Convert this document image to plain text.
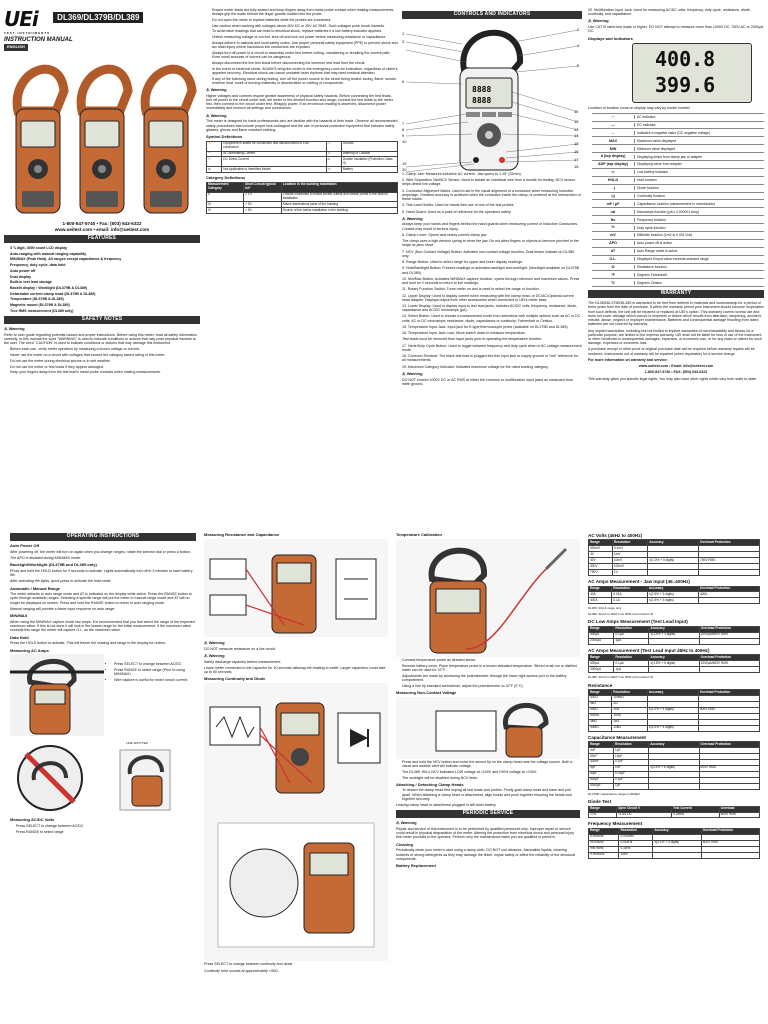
UEi
TEST INSTRUMENTS
DL369/DL379B/DL389
INSTRUCTION MANUAL
ENGLISH
1-800-547-5740 • Fax: (503) 643-6322
www.ueitest.com • email: info@ueitest.com
FEATURES
• 3 ¾ digit, 4000 count LCD display
• Auto-ranging with manual ranging capability
• MIN/MAX (Peak Hold). All ranges except capacitance & frequency
• Frequency, duty cycle, data hold
• Auto power off
• Dual display
• Built-in test lead storage
• Backlit display • Worklight (DL379B & DL389)
• Detachable current clamp head (DL379B & DL389)
• Temperature (DL379B & DL389)
• Magnetic mount (DL379B & DL389)
• True RMS measurement (DL389 only)
SAFETY NOTES
⚠ Warning

Refer to user guide regarding potential hazard and proper instructions. Before using this meter, read all safety information carefully. In this manual the word "WARNING" is used to indicate conditions or actions that may pose physical hazards to the user. The word "CAUTION" is used to indicate conditions or actions that may damage this instrument.

• Before each use, verify meter operation by measuring a known voltage or current.
• Never use the meter on a circuit with voltages that exceed the category based rating of this meter.
• Do not use the meter during electrical storms or in wet weather.
• Do not use the meter or test leads if they appear damaged.
• Keep your fingers away from the test lead's metal probe contacts when making measurements.
• Ensure meter leads are fully seated and keep fingers away from metal probe contact when making measurements. Always grip the leads behind the finger guards molded into the probe.
• Do not open the meter to replace batteries while the probes are connected.
• Use caution when working with voltages above 60V DC or 25V AC RMS. Such voltages pose shock hazards.
• To avoid false readings that can lead to electrical shock, replace batteries if a low battery indicator appears.
• Unless measuring voltage or current, shut off and lock out power before measuring resistance or capacitance.
• Always adhere to national and local safety codes. Use proper personal safety equipment (PPE) to prevent shock and arc blast injury where hazardous live conductors are exposed.
• Always turn off power to a circuit or assembly under test before cutting, unsoldering or breaking the current path. Even small amounts of current can be dangerous.
• Always disconnect the live test leads before disconnecting the common test lead from the circuit.
• In the event of electrical shock, ALWAYS bring the victim to the emergency room for evaluation, regardless of victim's apparent recovery. Electrical shock can cause unstable heart rhythms that may need medical attention.
• If any of the following occur during testing, turn off the power source to the circuit being tested: arcing, flame, smoke, extreme heat, smell of burning materials or discoloration or melting of components.
⚠ Warning

Higher voltages and currents require greater awareness of physical safety hazards. Before connecting the test leads, turn off power to the circuit under test; set meter to the desired function and range; connect the test leads to the meter first, then connect to the circuit under test. Reapply power. If an erroneous reading is observed, disconnect power immediately and recheck all settings and connections.

⚠ Warning

This meter is designed for trade professionals who are familiar with the hazards of their trade. Observe all recommended safety procedures that include proper lock-out/tagout and the use of personal protective equipment that includes safety glasses, gloves and flame resistant clothing.

Symbol Definitions
⚡	Equipment is suited for connection and disconnection to Live conductors	⏚	Ground
~	AC Alternating Current	⚠	Warning or Caution
⎓	DC Direct Current	⧈	Double Insulation (Protection Class II)
⊘	Not Applicable to Identified Model	▭	Battery
Category Definitions
Measurement Category	Short-Circuit typical kA*	Location in the building installation
II	< 10	Circuits connected to mains socket outlets and similar points in the MAINS installation
III	< 50	Mains distributions parts of the building
IV	> 50	Source of the mains installation in the building
CONTROLS AND INDICATORS
8888
8888
1
2
3
4
5
6
7
8
9
10
11
12
13
14
15
16
17
18
19
20

1. Clamp Jaw: Measures Inductive AC current. Jaw opens to 1.25" (32mm).

2. Wire Separation Tab/NCV Sensor: Used to isolate an individual wire from a bundle for testing. NCV sensor helps detect live voltage.

3. Conductor Alignment Marks: Used to aid in the visual alignment of a conductor when measuring inductive amperage. Greatest accuracy is achieved when the conductor inside the clamp, is centered at the intersection of these marks.

4. Test Lead Holder: Used for hands-free use of one of the test probes.

5. Hand Guard: Used as a point of reference for the operators safety.

⚠ Warning

Always keep your hands and fingers behind the hand guards when measuring current or Inductive Conductors. Contact may result in serious injury.

6. Clamp Lever: Opens and closes current clamp jaw.

The clamp uses a high-tension spring to close the jaw. Do not allow fingers or objects to become pinched in the hinge as jaws close.

7. NCV (Non-Contact Voltage) Button: Activates non-contact voltage function. Dual beeps indicate on DL389 only.

8. Range Button: Used to select range for upper and lower display readings.

9. Hold/Backlight Button: Freezes readings or activates backlight and worklight. (Worklight available on DL379B and DL389)

10. Min/Max Button: Activates MIN/MAX capture function; cycles through minimum and maximum values. Press and hold for 2 seconds to return to live readings.

11. Rotary Function Switch: Turns meter on and is used to select the range or function.

12. Upper Display: Used to display current when measuring with the clamp head, or DC/AC/Optional current head adapter. Displays output from other accessories when connected to UEI's meter base.

13. Lower Display: Used to display input to test lead jacks. Includes AC/DC volts, frequency, resistance, diode, capacitance and AC/DC microamps (μA).

14. Select Button: Used to choose a measurement mode from selections with multiple options such as AC or DC volts; AC or DC microamps; resistance, diode, capacitance or continuity; Fahrenheit or Celsius.

15. Temperature Input Jack: Input jack for K-type thermocouple probe (available on DL379B and DL389).

16. Temperature Input Jack Lock: Move switch down to measure temperature.

Test leads must be removed from input jacks prior to operating the temperature function.

17. Hertz/Duty Cycle Button: Used to toggle between frequency and duty cycle when in AC voltage measurement mode.

18. Common Terminal: The black test lead is plugged into this input jack to supply ground or "low" reference for all measurements.

19. Maximum Category Indicator: Indicates maximum voltage for the rated working category.

⚠ Warning

DO NOT exceed 1000V DC or AC RMS at either the common or multifunction input jacks as measured from earth ground.

20. Multifunction Input Jack: Used for measuring AC/DC volts, frequency, duty cycle, resistance, diode, continuity, and capacitance.

⚠ Warning

Use CAT III rated test leads or higher. DO NOT attempt to measure more than 1000V DC, 750V AC or 2000μA DC.

Displays and Indicators
400.8
399.6

Location of function icons on display may vary by model number

~	AC indicator
---	DC indicator
–	Indicates a negative value (DC negative voltage)
MAX	Maximum value displayed
MIN	Minimum value displayed
A (top display)	Displaying Amps from clamp jaw or adapter
ADP (top display)	Displaying value from adapter
▭	Low battery indicator
HOLD	Hold function
→|	Diode function
•))	Continuity function
mF / μF	Capacitance function (measurement in microfarads)
nA	Microamps function (μA's 0.000001 Amp)
Hz	Frequency function
%	Duty cycle function
mV	Millivolts function (1mV is 0.001 Volt)
APO	Auto power off is active
AT	Auto Range mode is active
O.L.	Displayed if input value exceeds selected range
Ω	Resistance function
°F	Degrees Fahrenheit
°C	Degrees Celsius
WARRANTY

The DL369/DL379B/DL389 is warranted to be free from defects in materials and workmanship for a period of three years from the date of purchase. If within the warranty period your instrument should become inoperative from such defects, the unit will be repaired or replaced at UEI's option. This warranty covers normal use and does not cover damage which occurs in shipment or failure which results from alteration, tampering, accident, misuse, abuse, neglect or improper maintenance. Batteries and consequential damage resulting from failed batteries are not covered by warranty.

Any implied warranties, including but not limited to implied warranties of merchantability and fitness for a particular purpose, are limited to the express warranty. UEI shall not be liable for loss of use of the instrument or other incidental or consequential damages, expenses, or economic loss, or for any claim or claims for such damage, expenses or economic loss.

A purchase receipt or other proof of original purchase date will be required before warranty repairs will be rendered. Instruments out of warranty will be repaired (when repairable) for a service charge.

For more information on warranty and service:

www.ueitest.com • Email: info@ueitest.com

1-800-547-5740 • FAX: (503) 643-6322

This warranty gives you specific legal rights. You may also have other rights which vary from state to state.

OPERATING INSTRUCTIONS
Auto Power Off

After powering off, the meter will turn on again when you change ranges, rotate the selector dial or press a button.

The APO is disabled during MIN/MAX mode.

Backlight/Worklight (DL379B and DL389 only)

Press and hold the HOLD button for 2 seconds to activate. Lights automatically turn off in 3 minutes to save battery life.

After activating the lights, quick press to activate the hold mode.

Automatic / Manual Range

The meter defaults to auto range mode and AT is indicated on the display while active. Press the RANGE button to cycle through available ranges. Selecting a specific range will put the meter in manual range mode and AT will no longer be displayed on screen. Press and hold the RANGE button to return to auto ranging mode.

Manual ranging will provide a faster input response on auto range.

MIN/MAX

When using the MIN/MAX capture mode two amps, it is recommended that you first select the range of the expected maximum value. If this is not done it will lock in the lowest range for the initial measurement. If the maximum value exceeds this range the meter will capture O.L. as the maximum value.

Data Hold

Press the HOLD button to activate. This will freeze the reading and range in the display for review.

Measuring AC Amps
• Press SELECT to change between AC/DC
• Press RANGE to select range (Prior to using MIN/MAX)
• Wire capture is useful for motor inrush current.
LINE SPLITTER
Measuring AC/DC Volts
• Press SELECT to change between AC/DC
• Press RANGE to select range
Measuring Resistance and Capacitance
⚠ Warning

DO NOT measure resistance on a live circuit.

⚠ Warning

Safely discharge capacitor before measurement.

Leave meter connected to the capacitor for 10 seconds allowing the reading to settle. Larger capacitors could take up to 60 seconds.

Measuring Continuity and Diode

Press SELECT to change between continuity and diode

Continuity tone sounds at approximately <50Ω.

Temperature Calibration
• Connect temperature probe as directed above.
• Remove battery cover. Place temperature probe in a known standard temperature. Stirred crush ice in distilled water can be used for 32°F.
• Adjustments are made by accessing the potentiometer through the lower right access port in the battery compartment.
• Using a fine tip standard screwdriver, adjust the potentiometer to 32°F (0°C).
Measuring Non-Contact Voltage
• Press and hold the NCV button and move the sensor tip on the clamp head near the voltage source. Both a visual and audible alert will indicate voltage.
• The DL389: Hi/Lo NCV indicates LOW voltage at <100V and HIGH voltage at >100V.
• The worklight will be disabled during NCV tests.
Attaching / Detaching Clamp Heads
• To detach the clamp head first unplug all test leads and probes. Firmly grab clamp head and base and pull apart. When attaching a clamp head or attachment, align heads and push together ensuring the heads lock together securely.

Leaving clamp head or attachment plugged in will drain battery.

PERIODIC SERVICE
⚠ Warning

Repair and service of this instrument is to be performed by qualified personnel only. Improper repair or service could result in physical degradation of the meter. Altering the protection from electrical shock and personal injury this meter provides to the operator. Perform only the maintenance tasks you are qualified to perform.

Cleaning

Periodically clean your meter's case using a damp cloth. DO NOT use abrasive, flammable liquids, cleaning solvents or strong detergents as they may damage the finish, impair safety or affect the reliability of the structural components.

Battery Replacement
AC Volts (45Hz to 400Hz)
Range	Resolution	Accuracy	Overload Protection
400mV	0.1mV		
4V	1mV		
40V	10mV	±(1.0% + 5 digits)	750V RMS
400V	100mV		
750V	1V		
AC Amps Measurement - Jaw Input (45..400Hz)
Range	Resolution	Accuracy	Overload Protection
40A	0.01A	±(2.5% + 5 digits)	400A
400A	0.1A	±(1.5% + 5 digits)	

DL369: 40A & range only

DL389: 40mA to 400A True RMS (Crest factor<3)

DC Low Amps Measurement (Test Lead Input)
Range	Resolution	Accuracy	Overload Protection
400μA	0.1μA	±(1.0% + 3 digits)	2000μA/600V RMS
2000μA	1μA		
AC Amps Measurement (Test Lead Input 45Hz to 400Hz)
Range	Resolution	Accuracy	Overload Protection
400μA	0.1μA	±(1.5% + 5 digits)	2000μA/600V RMS
2000μA	1μA		

DL389: 40mA to 400A True RMS (Crest factor<3)

Resistance
Range	Resolution	Accuracy	Overload Protection
400Ω	100mΩ		
4kΩ	1Ω		
40kΩ	10Ω	±(1.0% + 4 digits)	600V RMS
400kΩ	100Ω		
4MΩ	1kΩ		
40MΩ	10kΩ	±(2.0% + 4 digits)	
Capacitance Measurement
Range	Resolution	Accuracy	Overload Protection
4nF	1pF		
40nF	10pF		
400nF	0.1nF		
4μF	1nF	±(3.5% + 6 digits)	600V RMS
40μF	0.01μF		
400μF	0.1μF		
4000μF	1μF		

DL379B: Capacitance range to 2000μF

Diode Test
Range	Open Circuit V	Test Current	Overload
2.0V	<1.6V DC	0.25mA	600V RMS
Frequency Measurement
Range	Resolution	Accuracy	Overload Protection
9.999kHz	0.001kHz		
99.99kHz	0.01kHz	±(0.1% + 4 digits)	600V RMS
999.9kHz	0.1kHz		
9.999MHz	1kHz		
